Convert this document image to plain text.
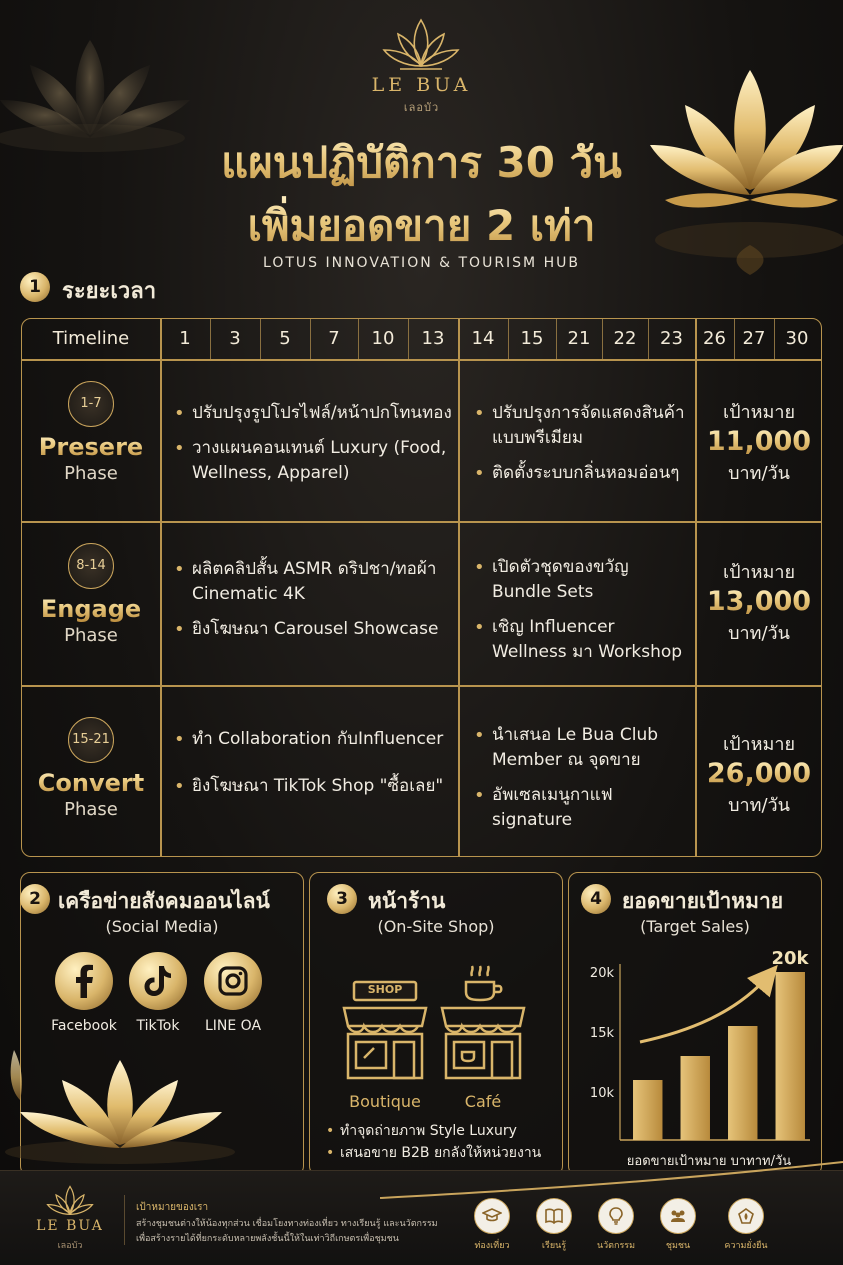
LE BUA
เลอบัว
แผนปฏิบัติการ 30 วัน
เพิ่มยอดขาย 2 เท่า
LOTUS INNOVATION & TOURISM HUB
1 ระยะเวลา
Timeline	1	3	5	7	10	13	14	15	21	22	23	26 27	30
1-7
Presere
Phase
• ปรับปรุงรูปโปรไฟล์/หน้าปกโทนทอง
• วางแผนคอนเทนต์ Luxury (Food, Wellness, Apparel)
• ปรับปรุงการจัดแสดงสินค้าแบบพรีเมียม
• ติดตั้งระบบกลิ่นหอมอ่อนๆ
เป้าหมาย
11,000
บาท/วัน
8-14
Engage
Phase
• ผลิตคลิปสั้น ASMR ดริปชา/ทอผ้า Cinematic 4K
• ยิงโฆษณา Carousel Showcase
• เปิดตัวชุดของขวัญ Bundle Sets
• เชิญ Influencer Wellness มา Workshop
เป้าหมาย
13,000
บาท/วัน
15-21
Convert
Phase
• ทำ Collaboration กับInfluencer
• ยิงโฆษณา TikTok Shop "ซื้อเลย"
• นำเสนอ Le Bua Club Member ณ จุดขาย
• อัพเซลเมนูกาแฟ signature
เป้าหมาย
26,000
บาท/วัน
2 เครือข่ายสังคมออนไลน์
(Social Media)
Facebook	TikTok	LINE OA
3 หน้าร้าน
(On-Site Shop)
SHOP
Boutique	Café
• ทำจุดถ่ายภาพ Style Luxury
• เสนอขาย B2B ยกลังให้หน่วยงาน
4 ยอดขายเป้าหมาย
(Target Sales)
10k
15k
20k
20k
ยอดขายเป้าหมาย บาทาท/วัน
LE BUA
เลอบัว
เป้าหมายของเรา
สร้างชุมชนต่างให้น้องทุกส่วน เชื่อมโยงทางท่องเที่ยว ทางเรียนรู้ และนวัตกรรม
เพื่อสร้างรายได้ที่ยกระดับหลายพลังชั้นนี้ให้ในเท่าวิถีเกษตรเพื่อชุมชน
ท่องเที่ยว	เรียนรู้	นวัตกรรม	ชุมชน	ความยั่งยืน
